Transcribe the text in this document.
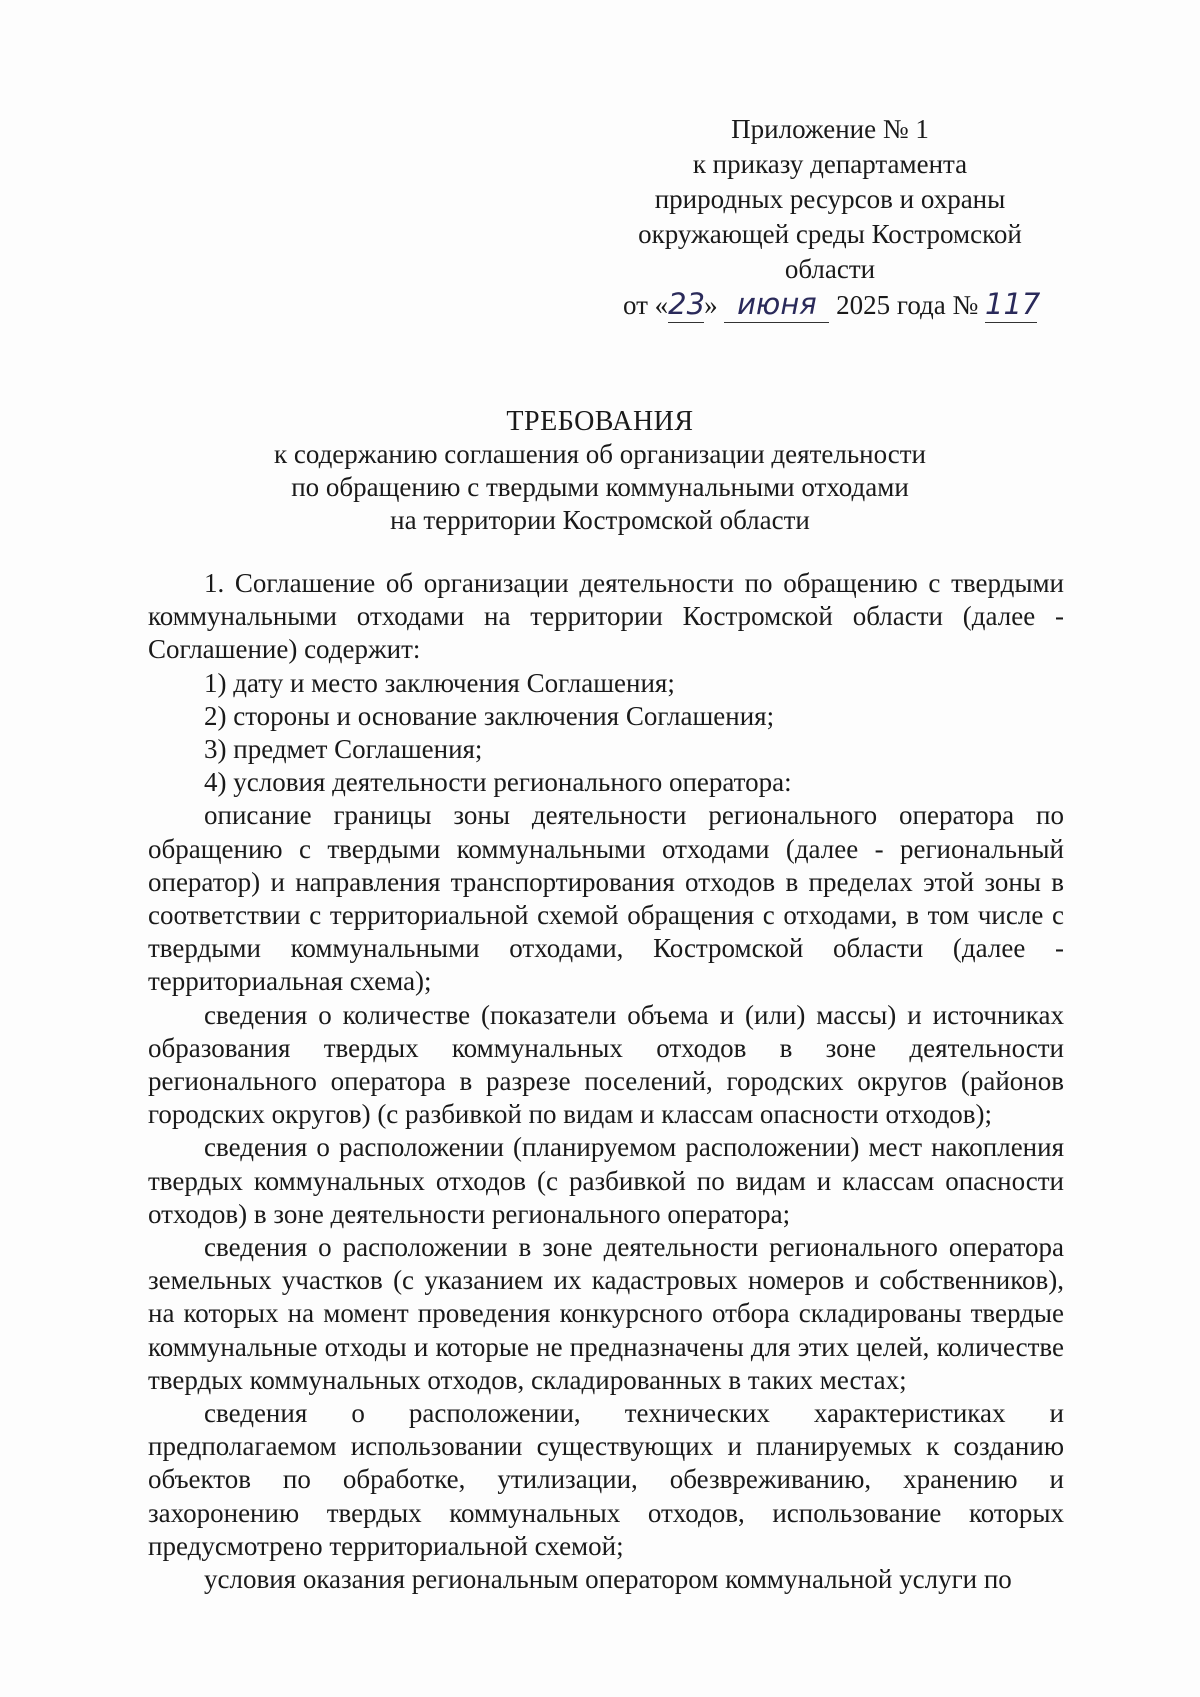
Приложение № 1
к приказу департамента
природных ресурсов и охраны
окружающей среды Костромской
области
от «23» июня 2025 года № 117
ТРЕБОВАНИЯ
к содержанию соглашения об организации деятельности
по обращению с твердыми коммунальными отходами
на территории Костромской области

1. Соглашение об организации деятельности по обращению с твердыми коммунальными отходами на территории Костромской области (далее - Соглашение) содержит:

1) дату и место заключения Соглашения;

2) стороны и основание заключения Соглашения;

3) предмет Соглашения;

4) условия деятельности регионального оператора:

описание границы зоны деятельности регионального оператора по обращению с твердыми коммунальными отходами (далее - региональный оператор) и направления транспортирования отходов в пределах этой зоны в соответствии с территориальной схемой обращения с отходами, в том числе с твердыми коммунальными отходами, Костромской области (далее - территориальная схема);

сведения о количестве (показатели объема и (или) массы) и источниках образования твердых коммунальных отходов в зоне деятельности регионального оператора в разрезе поселений, городских округов (районов городских округов) (с разбивкой по видам и классам опасности отходов);

сведения о расположении (планируемом расположении) мест накопления твердых коммунальных отходов (с разбивкой по видам и классам опасности отходов) в зоне деятельности регионального оператора;

сведения о расположении в зоне деятельности регионального оператора земельных участков (с указанием их кадастровых номеров и собственников), на которых на момент проведения конкурсного отбора складированы твердые коммунальные отходы и которые не предназначены для этих целей, количестве твердых коммунальных отходов, складированных в таких местах;

сведения о расположении, технических характеристиках и предполагаемом использовании существующих и планируемых к созданию объектов по обработке, утилизации, обезвреживанию, хранению и захоронению твердых коммунальных отходов, использование которых предусмотрено территориальной схемой;

условия оказания региональным оператором коммунальной услуги по
